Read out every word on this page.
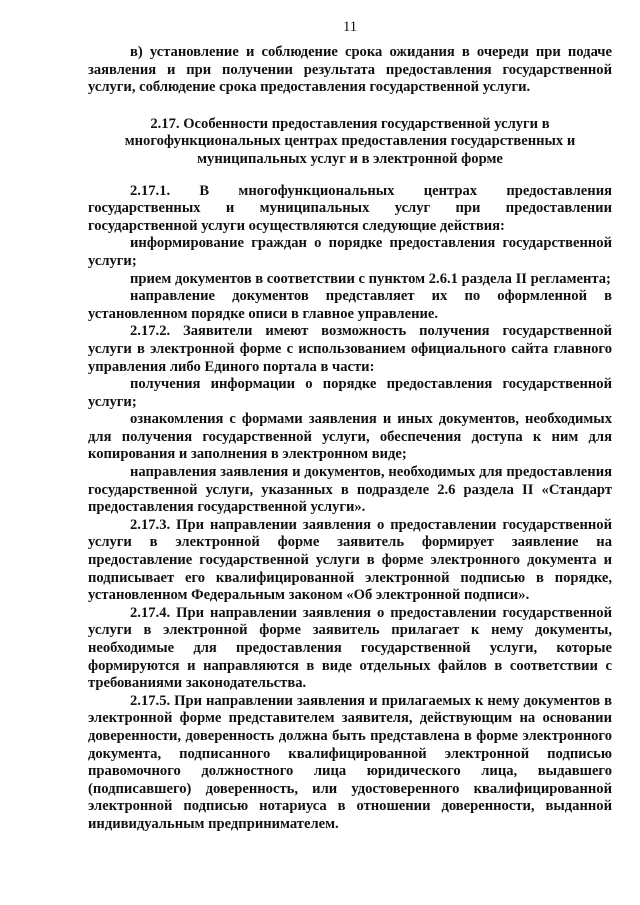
11

в) установление и соблюдение срока ожидания в очереди при подаче заявления и при получении результата предоставления государственной услуги, соблюдение срока предоставления государственной услуги.

2.17. Особенности предоставления государственной услуги в многофункциональных центрах предоставления государственных и муниципальных услуг и в электронной форме

2.17.1. В многофункциональных центрах предоставления государственных и муниципальных услуг при предоставлении государственной услуги осуществляются следующие действия:

информирование граждан о порядке предоставления государственной услуги;

прием документов в соответствии с пунктом 2.6.1 раздела II регламента;

направление документов представляет их по оформленной в установленном порядке описи в главное управление.

2.17.2. Заявители имеют возможность получения государственной услуги в электронной форме с использованием официального сайта главного управления либо Единого портала в части:

получения информации о порядке предоставления государственной услуги;

ознакомления с формами заявления и иных документов, необходимых для получения государственной услуги, обеспечения доступа к ним для копирования и заполнения в электронном виде;

направления заявления и документов, необходимых для предоставления государственной услуги, указанных в подразделе 2.6 раздела II «Стандарт предоставления государственной услуги».

2.17.3. При направлении заявления о предоставлении государственной услуги в электронной форме заявитель формирует заявление на предоставление государственной услуги в форме электронного документа и подписывает его квалифицированной электронной подписью в порядке, установленном Федеральным законом «Об электронной подписи».

2.17.4. При направлении заявления о предоставлении государственной услуги в электронной форме заявитель прилагает к нему документы, необходимые для предоставления государственной услуги, которые формируются и направляются в виде отдельных файлов в соответствии с требованиями законодательства.

2.17.5. При направлении заявления и прилагаемых к нему документов в электронной форме представителем заявителя, действующим на основании доверенности, доверенность должна быть представлена в форме электронного документа, подписанного квалифицированной электронной подписью правомочного должностного лица юридического лица, выдавшего (подписавшего) доверенность, или удостоверенного квалифицированной электронной подписью нотариуса в отношении доверенности, выданной индивидуальным предпринимателем.
